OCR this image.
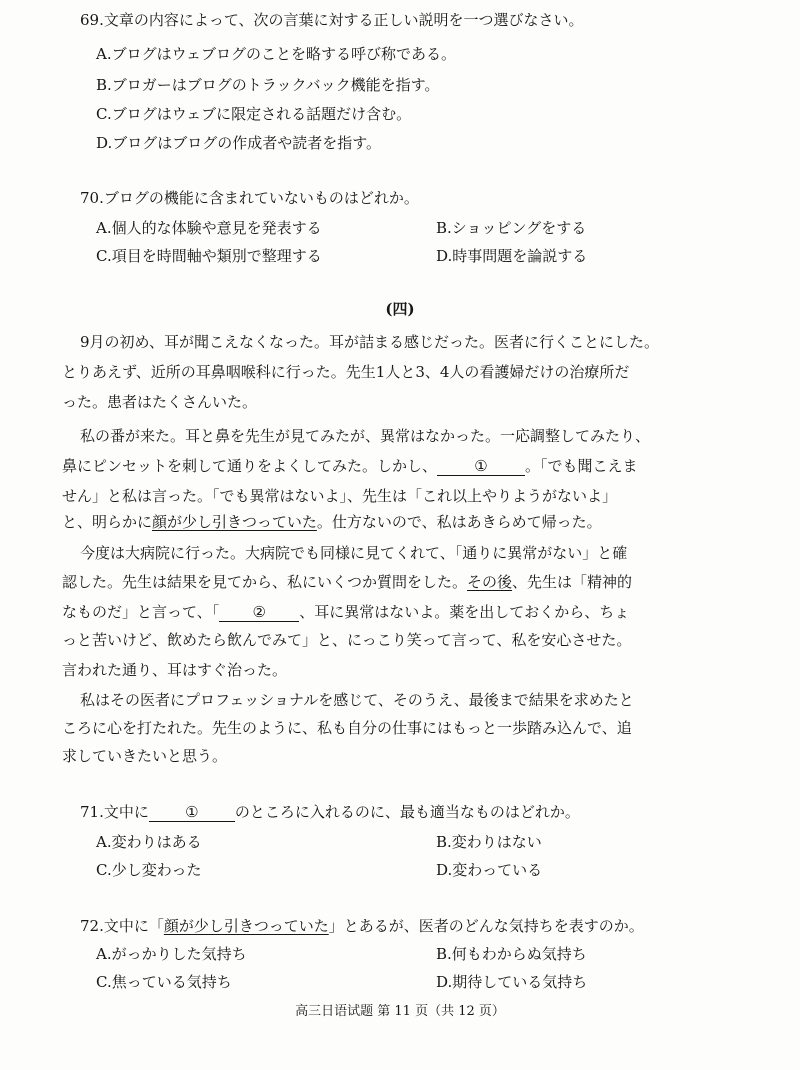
69.文章の内容によって、次の言葉に対する正しい説明を一つ選びなさい。
A.ブログはウェブログのことを略する呼び称である。
B.ブロガーはブログのトラックバック機能を指す。
C.ブログはウェブに限定される話題だけ含む。
D.ブログはブログの作成者や読者を指す。
70.ブログの機能に含まれていないものはどれか。
A.個人的な体験や意見を発表する	B.ショッピングをする
C.項目を時間軸や類別で整理する	D.時事問題を論説する
(四)
9月の初め、耳が聞こえなくなった。耳が詰まる感じだった。医者に行くことにした。
とりあえず、近所の耳鼻咽喉科に行った。先生1人と3、4人の看護婦だけの治療所だ
った。患者はたくさんいた。
私の番が来た。耳と鼻を先生が見てみたが、異常はなかった。一応調整してみたり、
鼻にピンセットを刺して通りをよくしてみた。しかし、 ① 。「でも聞こえま
せん」と私は言った。「でも異常はないよ」、先生は「これ以上やりようがないよ」
と、明らかに顔が少し引きつっていた。仕方ないので、私はあきらめて帰った。
今度は大病院に行った。大病院でも同様に見てくれて、「通りに異常がない」と確
認した。先生は結果を見てから、私にいくつか質問をした。その後、先生は「精神的
なものだ」と言って、「 ② 、耳に異常はないよ。薬を出しておくから、ちょ
っと苦いけど、飲めたら飲んでみて」と、にっこり笑って言って、私を安心させた。
言われた通り、耳はすぐ治った。
私はその医者にプロフェッショナルを感じて、そのうえ、最後まで結果を求めたと
ころに心を打たれた。先生のように、私も自分の仕事にはもっと一歩踏み込んで、追
求していきたいと思う。
71.文中に ① のところに入れるのに、最も適当なものはどれか。
A.変わりはある	B.変わりはない
C.少し変わった	D.変わっている
72.文中に「顔が少し引きつっていた」とあるが、医者のどんな気持ちを表すのか。
A.がっかりした気持ち	B.何もわからぬ気持ち
C.焦っている気持ち	D.期待している気持ち
高三日语试题 第 11 页（共 12 页）
